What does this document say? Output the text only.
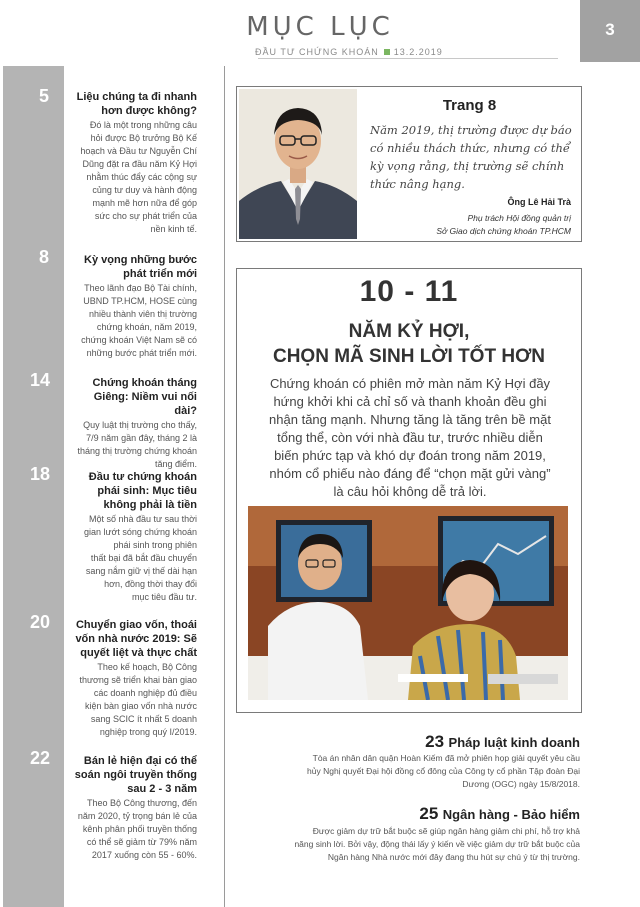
MỤC LỤC
ĐẦU TƯ CHỨNG KHOÁN 13.2.2019
3
5	Liệu chúng ta đi nhanh hơn được không?
Đó là một trong những câu
hỏi được Bộ trưởng Bộ Kế
hoạch và Đầu tư Nguyễn Chí
Dũng đặt ra đầu năm Kỷ Hợi
nhằm thúc đẩy các cộng sự
củng tư duy và hành động
mạnh mẽ hơn nữa để góp
sức cho sự phát triển của
nền kinh tế.
8	Kỳ vọng những bước phát triển mới
Theo lãnh đạo Bộ Tài chính,
UBND TP.HCM, HOSE cùng
nhiều thành viên thị trường
chứng khoán, năm 2019,
chứng khoán Việt Nam sẽ có
những bước phát triển mới.
14	Chứng khoán tháng Giêng: Niềm vui nối dài?
Quy luật thị trường cho thấy,
7/9 năm gần đây, tháng 2 là
tháng thị trường chứng khoán
tăng điểm.
18	Đầu tư chứng khoán phái sinh: Mục tiêu không phải là tiền
Một số nhà đầu tư sau thời
gian lướt sóng chứng khoán
phái sinh trong phiên
thất bại đã bắt đầu chuyển
sang nắm giữ vị thế dài hạn
hơn, đồng thời thay đổi
mục tiêu đầu tư.
20	Chuyển giao vốn, thoái vốn nhà nước 2019: Sẽ quyết liệt và thực chất
Theo kế hoạch, Bộ Công
thương sẽ triển khai bàn giao
các doanh nghiệp đủ điều
kiện bàn giao vốn nhà nước
sang SCIC ít nhất 5 doanh
nghiệp trong quý I/2019.
22	Bán lẻ hiện đại có thể soán ngôi truyền thống sau 2 - 3 năm
Theo Bộ Công thương, đến
năm 2020, tỷ trọng bán lẻ của
kênh phân phối truyền thống
có thể sẽ giảm từ 79% năm
2017 xuống còn 55 - 60%.
Trang 8
Năm 2019, thị trường được dự báo có nhiều thách thức, nhưng có thể kỳ vọng rằng, thị trường sẽ chính thức nâng hạng.
Ông Lê Hải Trà
Phụ trách Hội đồng quản trị
Sở Giao dịch chứng khoán TP.HCM
10 - 11
NĂM KỶ HỢI,
CHỌN MÃ SINH LỜI TỐT HƠN
Chứng khoán có phiên mở màn năm Kỷ Hợi đầy
hứng khởi khi cả chỉ số và thanh khoản đều ghi
nhận tăng mạnh. Nhưng tăng là tăng trên bề mặt
tổng thể, còn với nhà đầu tư, trước nhiều diễn
biến phức tạp và khó dự đoán trong năm 2019,
nhóm cổ phiếu nào đáng để “chọn mặt gửi vàng”
là câu hỏi không dễ trả lời.
23 Pháp luật kinh doanh
Tòa án nhân dân quận Hoàn Kiếm đã mở phiên họp giải quyết yêu cầu
hủy Nghị quyết Đại hội đồng cổ đông của Công ty cổ phần Tập đoàn Đại
Dương (OGC) ngày 15/8/2018.
25 Ngân hàng - Bảo hiểm
Được giảm dự trữ bắt buộc sẽ giúp ngân hàng giảm chi phí, hỗ trợ khả
năng sinh lời. Bởi vậy, động thái lấy ý kiến về việc giảm dự trữ bắt buộc của
Ngân hàng Nhà nước mới đây đang thu hút sự chú ý từ thị trường.
